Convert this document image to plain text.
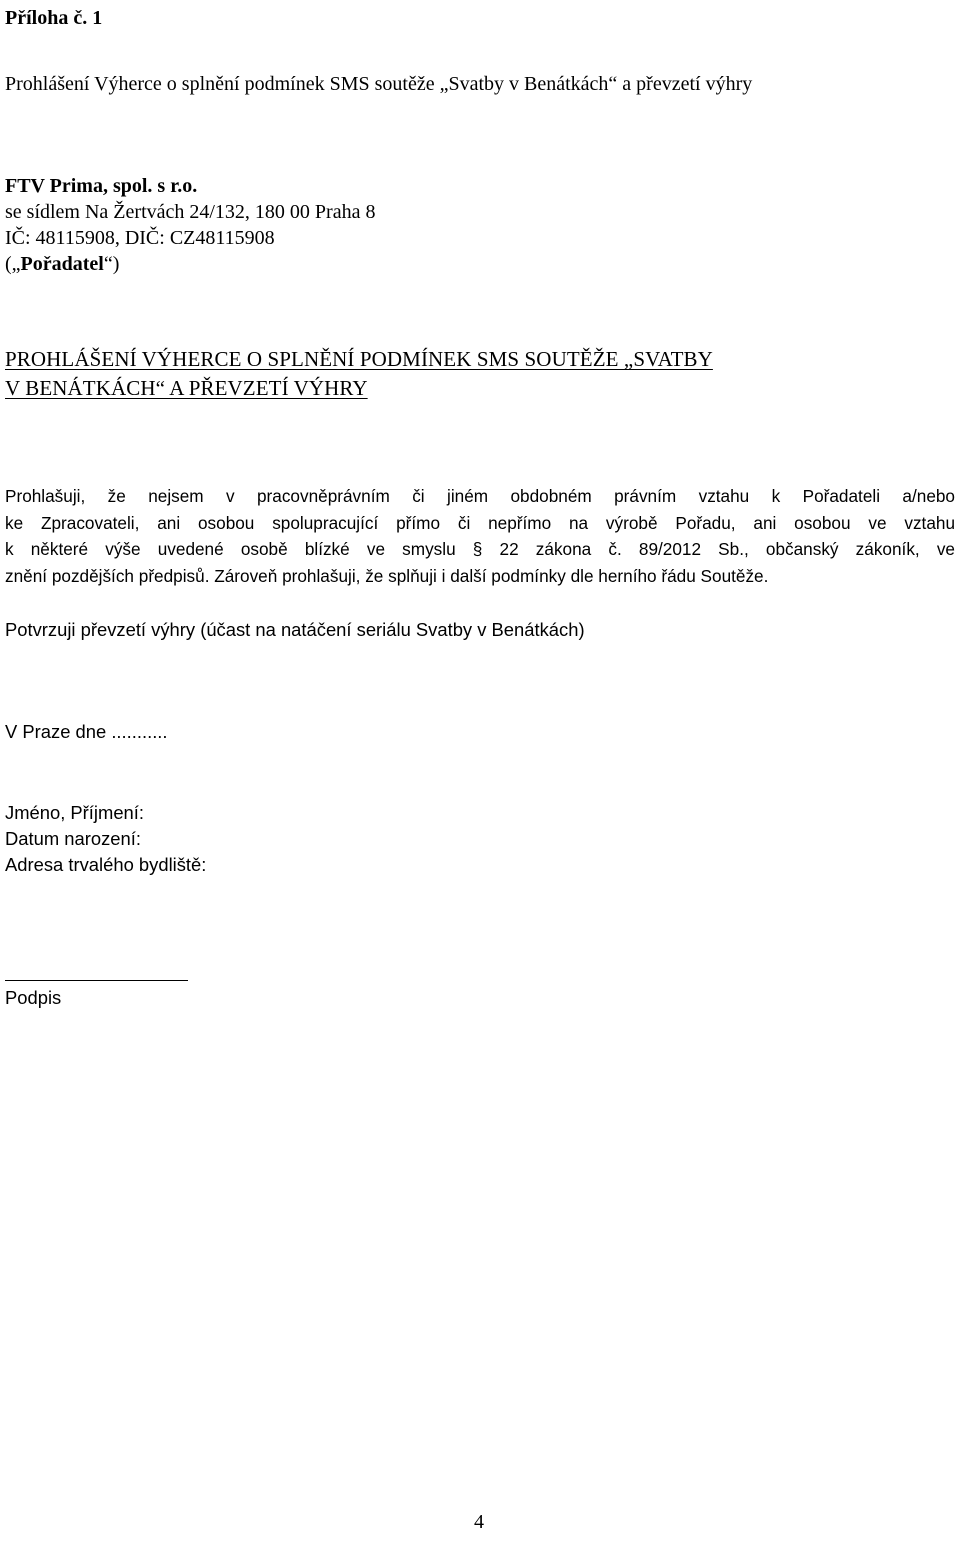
Příloha č. 1
Prohlášení Výherce o splnění podmínek SMS soutěže „Svatby v Benátkách“ a převzetí výhry
FTV Prima, spol. s r.o.
se sídlem Na Žertvách 24/132, 180 00 Praha 8
IČ: 48115908, DIČ: CZ48115908
(„Pořadatel“)
PROHLÁŠENÍ VÝHERCE O SPLNĚNÍ PODMÍNEK SMS SOUTĚŽE „SVATBY
V BENÁTKÁCH“ A PŘEVZETÍ VÝHRY
Prohlašuji, že nejsem v pracovněprávním či jiném obdobném právním vztahu k Pořadateli a/nebo
ke Zpracovateli, ani osobou spolupracující přímo či nepřímo na výrobě Pořadu, ani osobou ve vztahu
k některé výše uvedené osobě blízké ve smyslu § 22 zákona č. 89/2012 Sb., občanský zákoník, ve
znění pozdějších předpisů. Zároveň prohlašuji, že splňuji i další podmínky dle herního řádu Soutěže.
Potvrzuji převzetí výhry (účast na natáčení seriálu Svatby v Benátkách)
V Praze dne ...........
Jméno, Příjmení:
Datum narození:
Adresa trvalého bydliště:
Podpis
4
